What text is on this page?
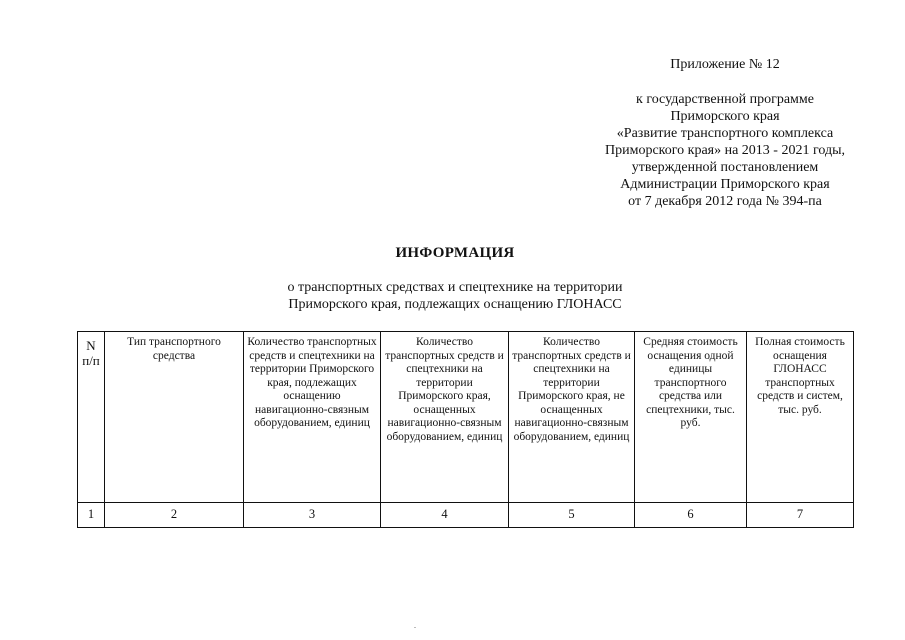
Приложение № 12
к государственной программе
Приморского края
«Развитие транспортного комплекса
Приморского края» на 2013 - 2021 годы,
утвержденной постановлением
Администрации Приморского края
от 7 декабря 2012 года № 394-па
ИНФОРМАЦИЯ
о транспортных средствах и спецтехнике на территории
Приморского края, подлежащих оснащению ГЛОНАСС
N п/п	Тип транспортного средства	Количество транспортных средств и спецтехники на территории Приморского края, подлежащих оснащению навигационно-связным оборудованием, единиц	Количество транспортных средств и спецтехники на территории Приморского края, оснащенных навигационно-связным оборудованием, единиц	Количество транспортных средств и спецтехники на территории Приморского края, не оснащенных навигационно-связным оборудованием, единиц	Средняя стоимость оснащения одной единицы транспортного средства или спецтехники, тыс. руб.	Полная стоимость оснащения ГЛОНАСС транспортных средств и систем, тыс. руб.
1	2	3	4	5	6	7
